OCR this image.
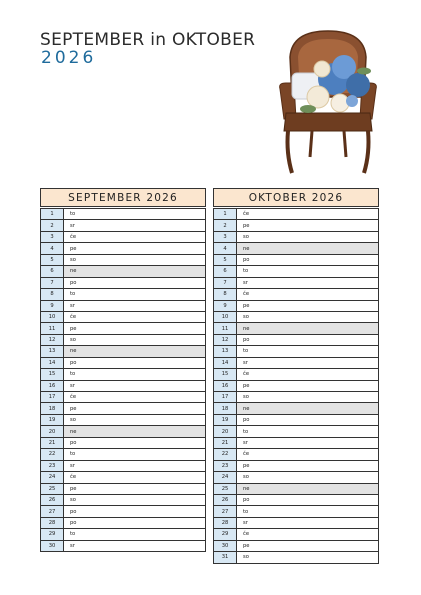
SEPTEMBER in OKTOBER
2026
SEPTEMBER 2026
1	to
2	sr
3	če
4	pe
5	so
6	ne
7	po
8	to
9	sr
10	če
11	pe
12	so
13	ne
14	po
15	to
16	sr
17	če
18	pe
19	so
20	ne
21	po
22	to
23	sr
24	če
25	pe
26	so
27	po
28	po
29	to
30	sr
OKTOBER 2026
1	če
2	pe
3	so
4	ne
5	po
6	to
7	sr
8	če
9	pe
10	so
11	ne
12	po
13	to
14	sr
15	če
16	pe
17	so
18	ne
19	po
20	to
21	sr
22	če
23	pe
24	so
25	ne
26	po
27	to
28	sr
29	če
30	pe
31	so
